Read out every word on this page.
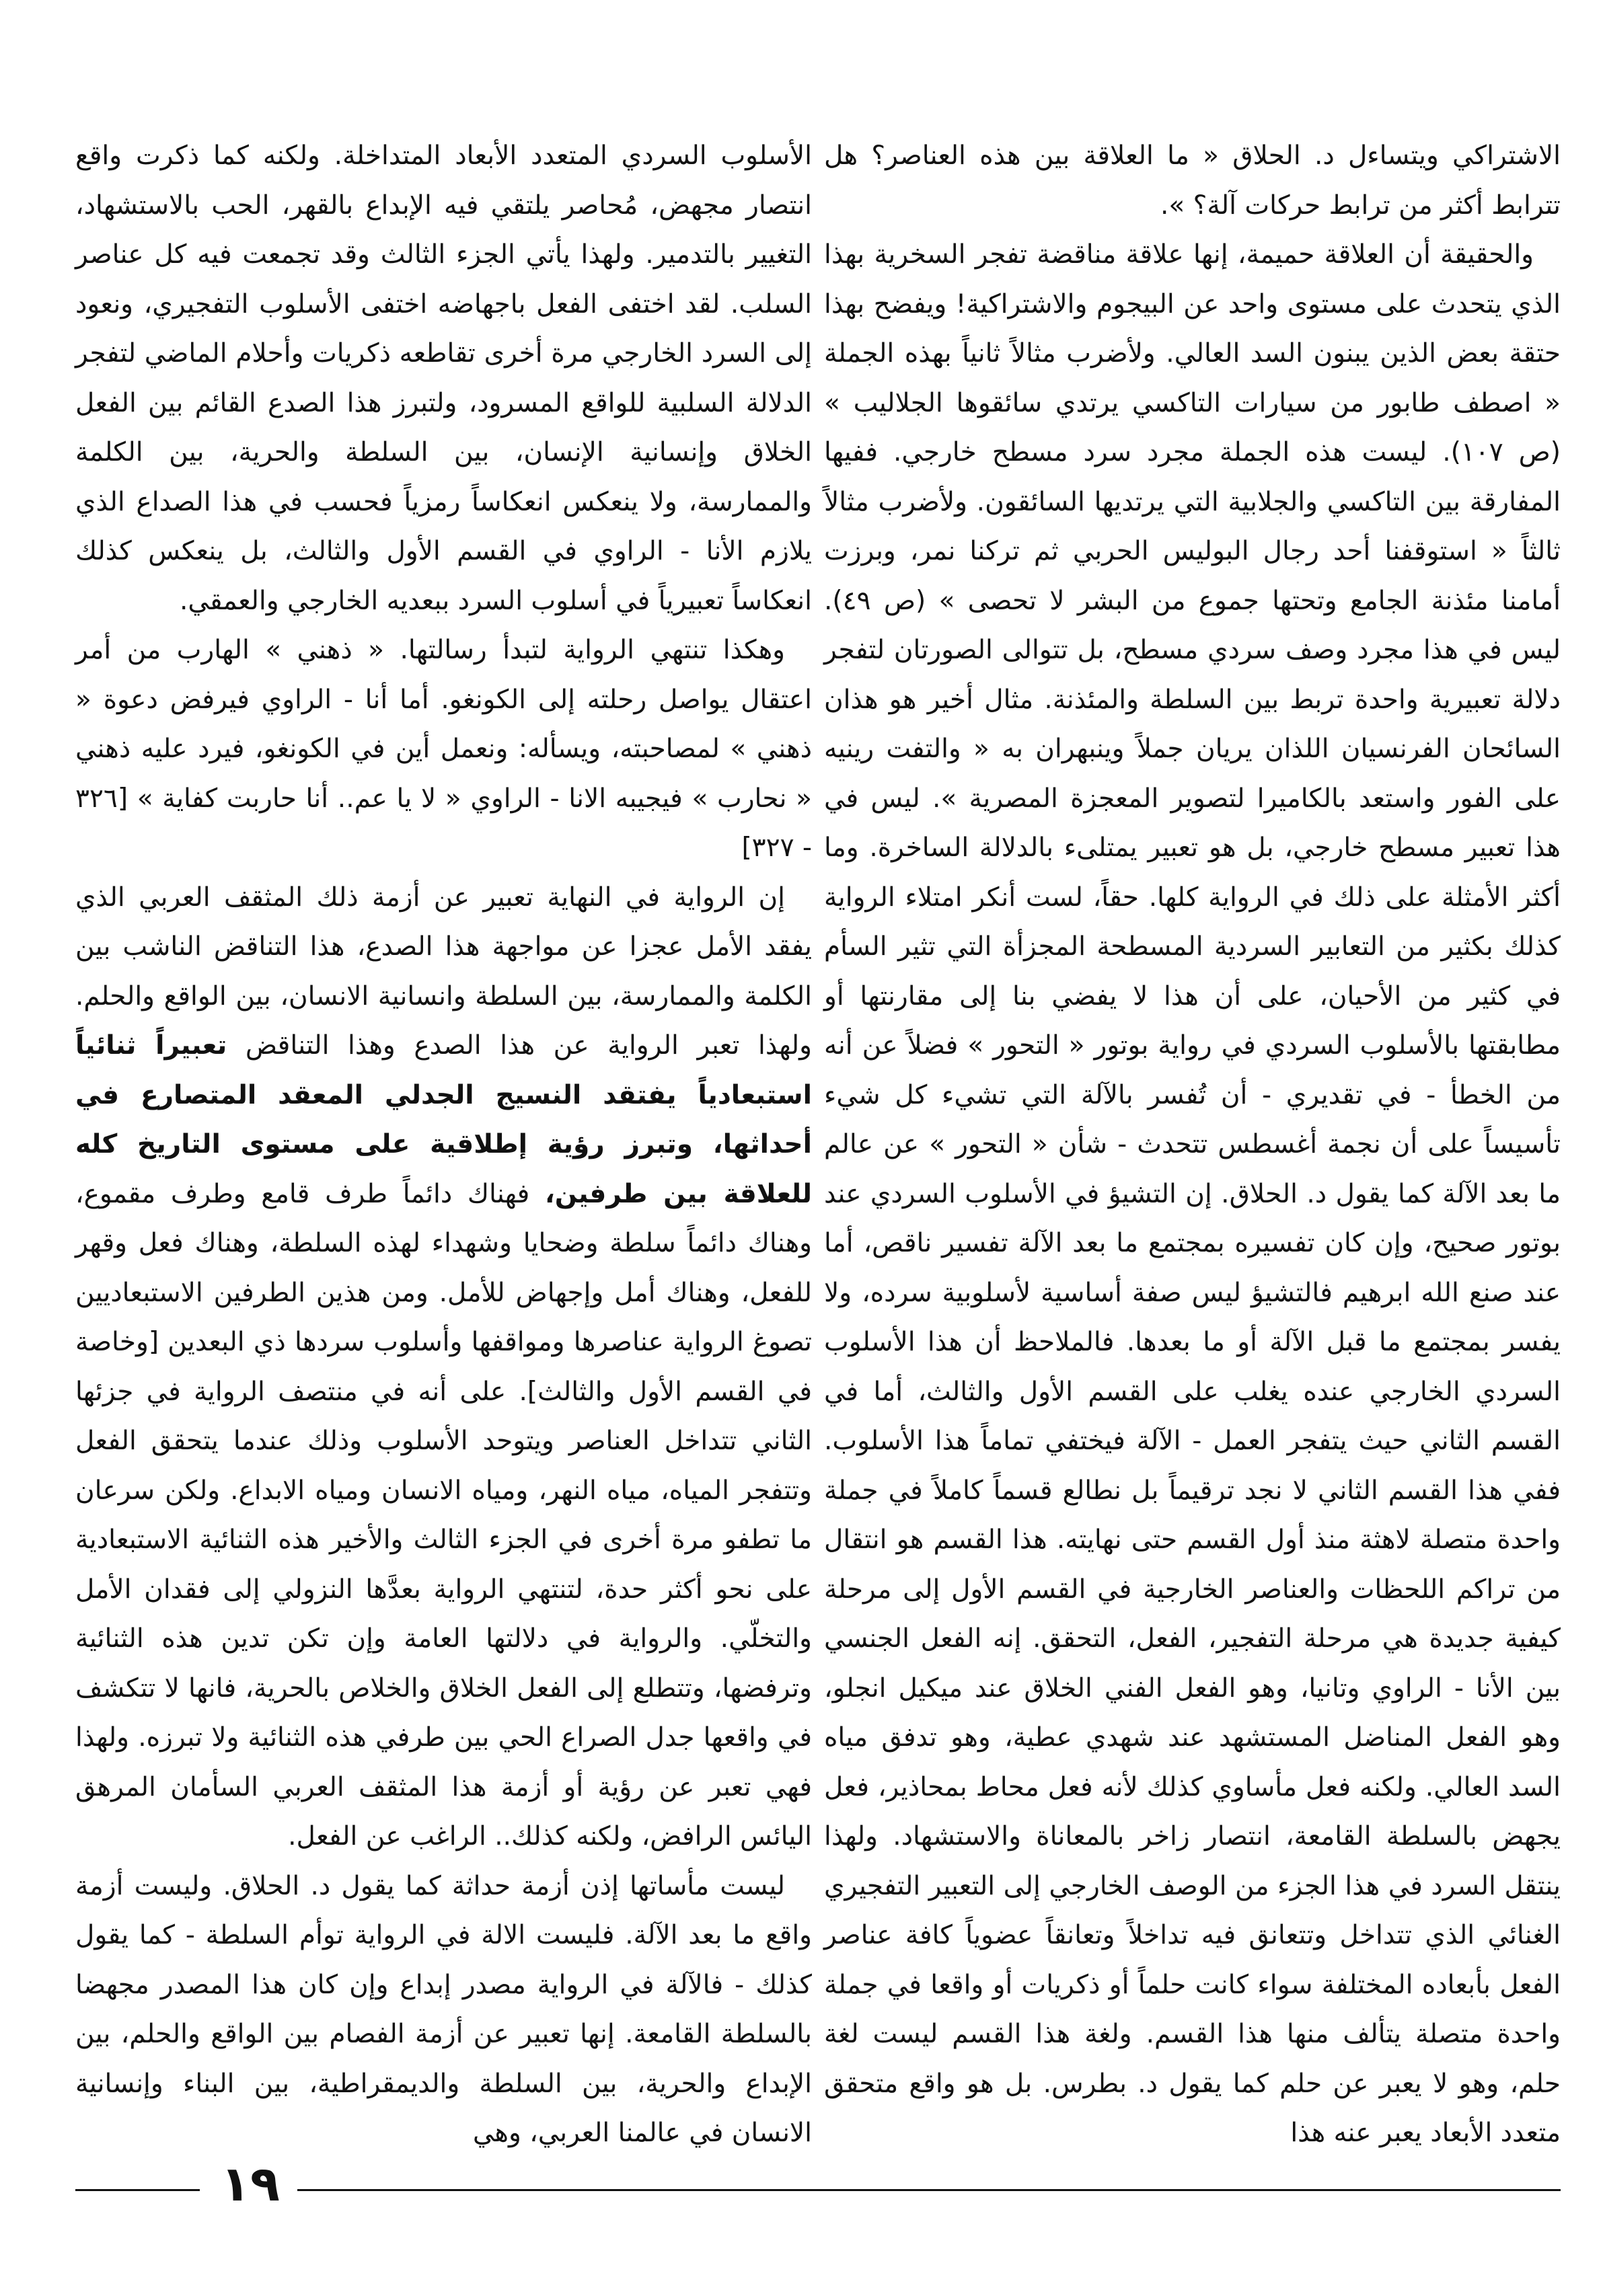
الاشتراكي ويتساءل د. الحلاق « ما العلاقة بين هذه العناصر؟ هل تترابط أكثر من ترابط حركات آلة؟ ».

والحقيقة أن العلاقة حميمة، إنها علاقة مناقضة تفجر السخرية بهذا الذي يتحدث على مستوى واحد عن البيجوم والاشتراكية! ويفضح بهذا حتقة بعض الذين يبنون السد العالي. ولأضرب مثالاً ثانياً بهذه الجملة « اصطف طابور من سيارات التاكسي يرتدي سائقوها الجلاليب » (ص ١٠٧). ليست هذه الجملة مجرد سرد مسطح خارجي. ففيها المفارقة بين التاكسي والجلابية التي يرتديها السائقون. ولأضرب مثالاً ثالثاً « استوقفنا أحد رجال البوليس الحربي ثم تركنا نمر، وبرزت أمامنا مئذنة الجامع وتحتها جموع من البشر لا تحصى » (ص ٤٩). ليس في هذا مجرد وصف سردي مسطح، بل تتوالى الصورتان لتفجر دلالة تعبيرية واحدة تربط بين السلطة والمئذنة. مثال أخير هو هذان السائحان الفرنسيان اللذان يريان جملاً وينبهران به « والتفت رينيه على الفور واستعد بالكاميرا لتصوير المعجزة المصرية ». ليس في هذا تعبير مسطح خارجي، بل هو تعبير يمتلىء بالدلالة الساخرة. وما أكثر الأمثلة على ذلك في الرواية كلها. حقاً، لست أنكر امتلاء الرواية كذلك بكثير من التعابير السردية المسطحة المجزأة التي تثير السأم في كثير من الأحيان، على أن هذا لا يفضي بنا إلى مقارنتها أو مطابقتها بالأسلوب السردي في رواية بوتور « التحور » فضلاً عن أنه من الخطأ - في تقديري - أن تُفسر بالآلة التي تشيء كل شيء تأسيساً على أن نجمة أغسطس تتحدث - شأن « التحور » عن عالم ما بعد الآلة كما يقول د. الحلاق. إن التشيؤ في الأسلوب السردي عند بوتور صحيح، وإن كان تفسيره بمجتمع ما بعد الآلة تفسير ناقص، أما عند صنع الله ابرهيم فالتشيؤ ليس صفة أساسية لأسلوبية سرده، ولا يفسر بمجتمع ما قبل الآلة أو ما بعدها. فالملاحظ أن هذا الأسلوب السردي الخارجي عنده يغلب على القسم الأول والثالث، أما في القسم الثاني حيث يتفجر العمل - الآلة فيختفي تماماً هذا الأسلوب. ففي هذا القسم الثاني لا نجد ترقيماً بل نطالع قسماً كاملاً في جملة واحدة متصلة لاهثة منذ أول القسم حتى نهايته. هذا القسم هو انتقال من تراكم اللحظات والعناصر الخارجية في القسم الأول إلى مرحلة كيفية جديدة هي مرحلة التفجير، الفعل، التحقق. إنه الفعل الجنسي بين الأنا - الراوي وتانيا، وهو الفعل الفني الخلاق عند ميكيل انجلو، وهو الفعل المناضل المستشهد عند شهدي عطية، وهو تدفق مياه السد العالي. ولكنه فعل مأساوي كذلك لأنه فعل محاط بمحاذير، فعل يجهض بالسلطة القامعة، انتصار زاخر بالمعاناة والاستشهاد. ولهذا ينتقل السرد في هذا الجزء من الوصف الخارجي إلى التعبير التفجيري الغنائي الذي تتداخل وتتعانق فيه تداخلاً وتعانقاً عضوياً كافة عناصر الفعل بأبعاده المختلفة سواء كانت حلماً أو ذكريات أو واقعا في جملة واحدة متصلة يتألف منها هذا القسم. ولغة هذا القسم ليست لغة حلم، وهو لا يعبر عن حلم كما يقول د. بطرس. بل هو واقع متحقق متعدد الأبعاد يعبر عنه هذا

الأسلوب السردي المتعدد الأبعاد المتداخلة. ولكنه كما ذكرت واقع انتصار مجهض، مُحاصر يلتقي فيه الإبداع بالقهر، الحب بالاستشهاد، التغيير بالتدمير. ولهذا يأتي الجزء الثالث وقد تجمعت فيه كل عناصر السلب. لقد اختفى الفعل باجهاضه اختفى الأسلوب التفجيري، ونعود إلى السرد الخارجي مرة أخرى تقاطعه ذكريات وأحلام الماضي لتفجر الدلالة السلبية للواقع المسرود، ولتبرز هذا الصدع القائم بين الفعل الخلاق وإنسانية الإنسان، بين السلطة والحرية، بين الكلمة والممارسة، ولا ينعكس انعكاساً رمزياً فحسب في هذا الصداع الذي يلازم الأنا - الراوي في القسم الأول والثالث، بل ينعكس كذلك انعكاساً تعبيرياً في أسلوب السرد ببعديه الخارجي والعمقي.

وهكذا تنتهي الرواية لتبدأ رسالتها. « ذهني » الهارب من أمر اعتقال يواصل رحلته إلى الكونغو. أما أنا - الراوي فيرفض دعوة « ذهني » لمصاحبته، ويسأله: ونعمل أين في الكونغو، فيرد عليه ذهني « نحارب » فيجيبه الانا - الراوي « لا يا عم.. أنا حاربت كفاية » [٣٢٦ - ٣٢٧]

إن الرواية في النهاية تعبير عن أزمة ذلك المثقف العربي الذي يفقد الأمل عجزا عن مواجهة هذا الصدع، هذا التناقض الناشب بين الكلمة والممارسة، بين السلطة وانسانية الانسان، بين الواقع والحلم. ولهذا تعبر الرواية عن هذا الصدع وهذا التناقض تعبيراً ثنائياً استبعادياً يفتقد النسيج الجدلي المعقد المتصارع في أحداثها، وتبرز رؤية إطلاقية على مستوى التاريخ كله للعلاقة بين طرفين، فهناك دائماً طرف قامع وطرف مقموع، وهناك دائماً سلطة وضحايا وشهداء لهذه السلطة، وهناك فعل وقهر للفعل، وهناك أمل وإجهاض للأمل. ومن هذين الطرفين الاستبعاديين تصوغ الرواية عناصرها ومواقفها وأسلوب سردها ذي البعدين [وخاصة في القسم الأول والثالث]. على أنه في منتصف الرواية في جزئها الثاني تتداخل العناصر ويتوحد الأسلوب وذلك عندما يتحقق الفعل وتتفجر المياه، مياه النهر، ومياه الانسان ومياه الابداع. ولكن سرعان ما تطفو مرة أخرى في الجزء الثالث والأخير هذه الثنائية الاستبعادية على نحو أكثر حدة، لتنتهي الرواية بعدَّها النزولي إلى فقدان الأمل والتخلّي. والرواية في دلالتها العامة وإن تكن تدين هذه الثنائية وترفضها، وتتطلع إلى الفعل الخلاق والخلاص بالحرية، فانها لا تتكشف في واقعها جدل الصراع الحي بين طرفي هذه الثنائية ولا تبرزه. ولهذا فهي تعبر عن رؤية أو أزمة هذا المثقف العربي السأمان المرهق اليائس الرافض، ولكنه كذلك.. الراغب عن الفعل.

ليست مأساتها إذن أزمة حداثة كما يقول د. الحلاق. وليست أزمة واقع ما بعد الآلة. فليست الالة في الرواية توأم السلطة - كما يقول كذلك - فالآلة في الرواية مصدر إبداع وإن كان هذا المصدر مجهضا بالسلطة القامعة. إنها تعبير عن أزمة الفصام بين الواقع والحلم، بين الإبداع والحرية، بين السلطة والديمقراطية، بين البناء وإنسانية الانسان في عالمنا العربي، وهي

١٩
